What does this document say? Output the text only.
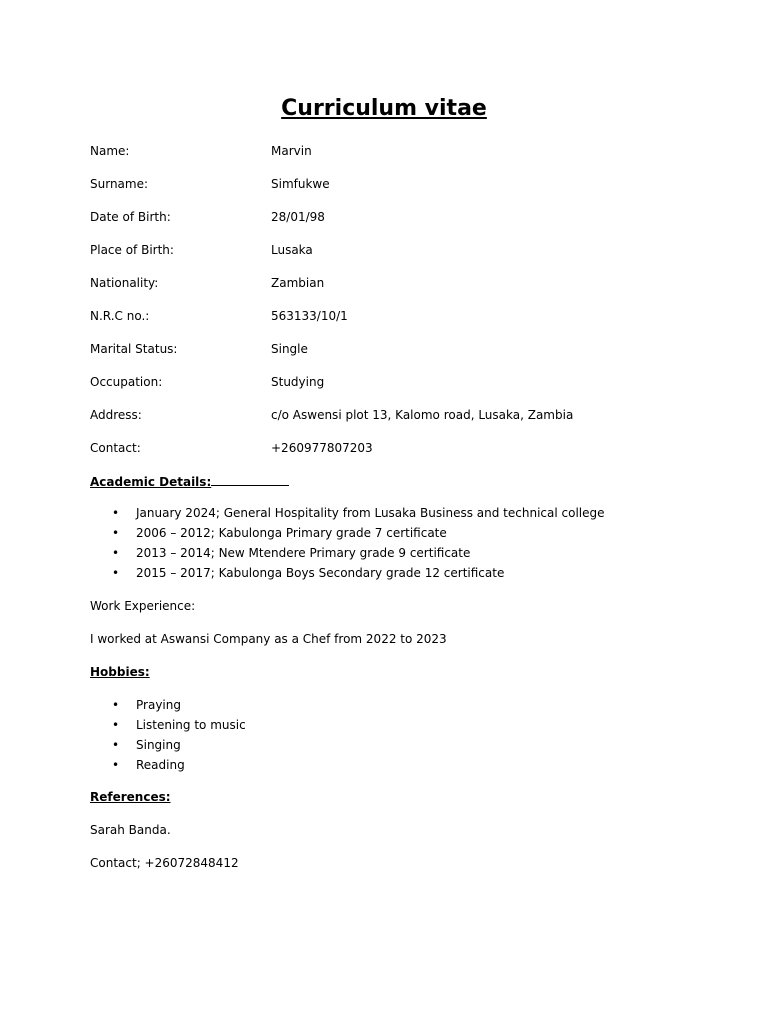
Curriculum vitae
Name:	Marvin
Surname:	Simfukwe
Date of Birth:	28/01/98
Place of Birth:	Lusaka
Nationality:	Zambian
N.R.C no.:	563133/10/1
Marital Status:	Single
Occupation:	Studying
Address:	c/o Aswensi plot 13, Kalomo road, Lusaka, Zambia
Contact:	+260977807203
Academic Details:
• January 2024; General Hospitality from Lusaka Business and technical college
• 2006 – 2012; Kabulonga Primary grade 7 certificate
• 2013 – 2014; New Mtendere Primary grade 9 certificate
• 2015 – 2017; Kabulonga Boys Secondary grade 12 certificate
Work Experience:
I worked at Aswansi Company as a Chef from 2022 to 2023
Hobbies:
• Praying
• Listening to music
• Singing
• Reading
References:
Sarah Banda.
Contact; +26072848412
